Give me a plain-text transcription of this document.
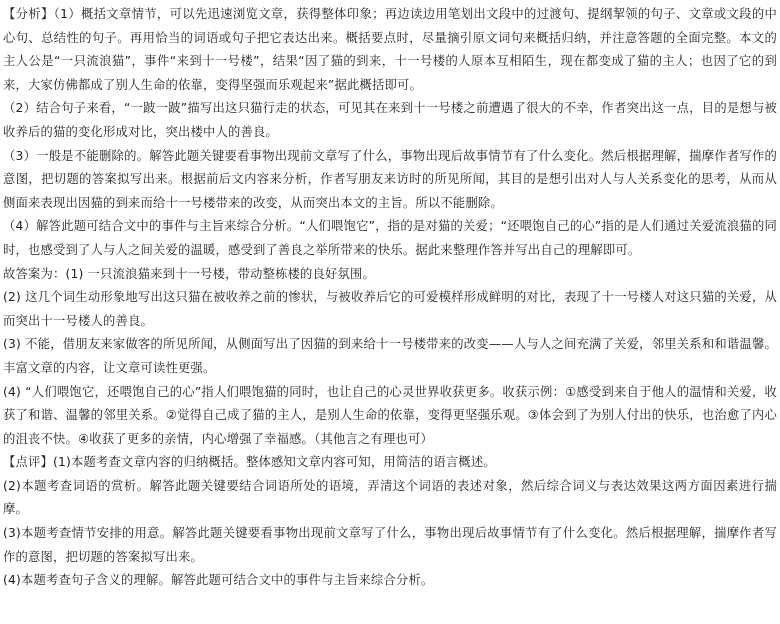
【分析】（1）概括文章情节，可以先迅速浏览文章，获得整体印象；再边读边用笔划出文段中的过渡句、提纲挈领的句子、文章或文段的中心句、总结性的句子。再用恰当的词语或句子把它表达出来。概括要点时，尽量摘引原文词句来概括归纳，并注意答题的全面完整。本文的主人公是“一只流浪猫”，事件“来到十一号楼”，结果“因了猫的到来，十一号楼的人原本互相陌生，现在都变成了猫的主人；也因了它的到来，大家仿佛都成了别人生命的依靠，变得坚强而乐观起来”据此概括即可。

（2）结合句子来看，“一跛一跛”描写出这只猫行走的状态，可见其在来到十一号楼之前遭遇了很大的不幸，作者突出这一点，目的是想与被收养后的猫的变化形成对比，突出楼中人的善良。

（3）一般是不能删除的。解答此题关键要看事物出现前文章写了什么，事物出现后故事情节有了什么变化。然后根据理解，揣摩作者写作的意图，把切题的答案拟写出来。根据前后文内容来分析，作者写朋友来访时的所见所闻，其目的是想引出对人与人关系变化的思考，从而从侧面来表现出因猫的到来而给十一号楼带来的改变，从而突出本文的主旨。所以不能删除。

（4）解答此题可结合文中的事件与主旨来综合分析。“人们喂饱它”，指的是对猫的关爱；“还喂饱自己的心”指的是人们通过关爱流浪猫的同时，也感受到了人与人之间关爱的温暖，感受到了善良之举所带来的快乐。据此来整理作答并写出自己的理解即可。

故答案为：(1) 一只流浪猫来到十一号楼，带动整栋楼的良好氛围。

(2) 这几个词生动形象地写出这只猫在被收养之前的惨状，与被收养后它的可爱模样形成鲜明的对比，表现了十一号楼人对这只猫的关爱，从而突出十一号楼人的善良。

(3) 不能，借朋友来家做客的所见所闻，从侧面写出了因猫的到来给十一号楼带来的改变——人与人之间充满了关爱，邻里关系和和谐温馨。丰富文章的内容，让文章可读性更强。

(4) “人们喂饱它，还喂饱自己的心”指人们喂饱猫的同时，也让自己的心灵世界收获更多。收获示例：①感受到来自于他人的温情和关爱，收获了和谐、温馨的邻里关系。②觉得自己成了猫的主人，是别人生命的依靠，变得更坚强乐观。③体会到了为别人付出的快乐，也治愈了内心的沮丧不快。④收获了更多的亲情，内心增强了幸福感。（其他言之有理也可）

【点评】(1)本题考查文章内容的归纳概括。整体感知文章内容可知，用简洁的语言概述。

(2)本题考查词语的赏析。解答此题关键要结合词语所处的语境，弄清这个词语的表述对象，然后综合词义与表达效果这两方面因素进行揣摩。

(3)本题考查情节安排的用意。解答此题关键要看事物出现前文章写了什么，事物出现后故事情节有了什么变化。然后根据理解，揣摩作者写作的意图，把切题的答案拟写出来。

(4)本题考查句子含义的理解。解答此题可结合文中的事件与主旨来综合分析。
